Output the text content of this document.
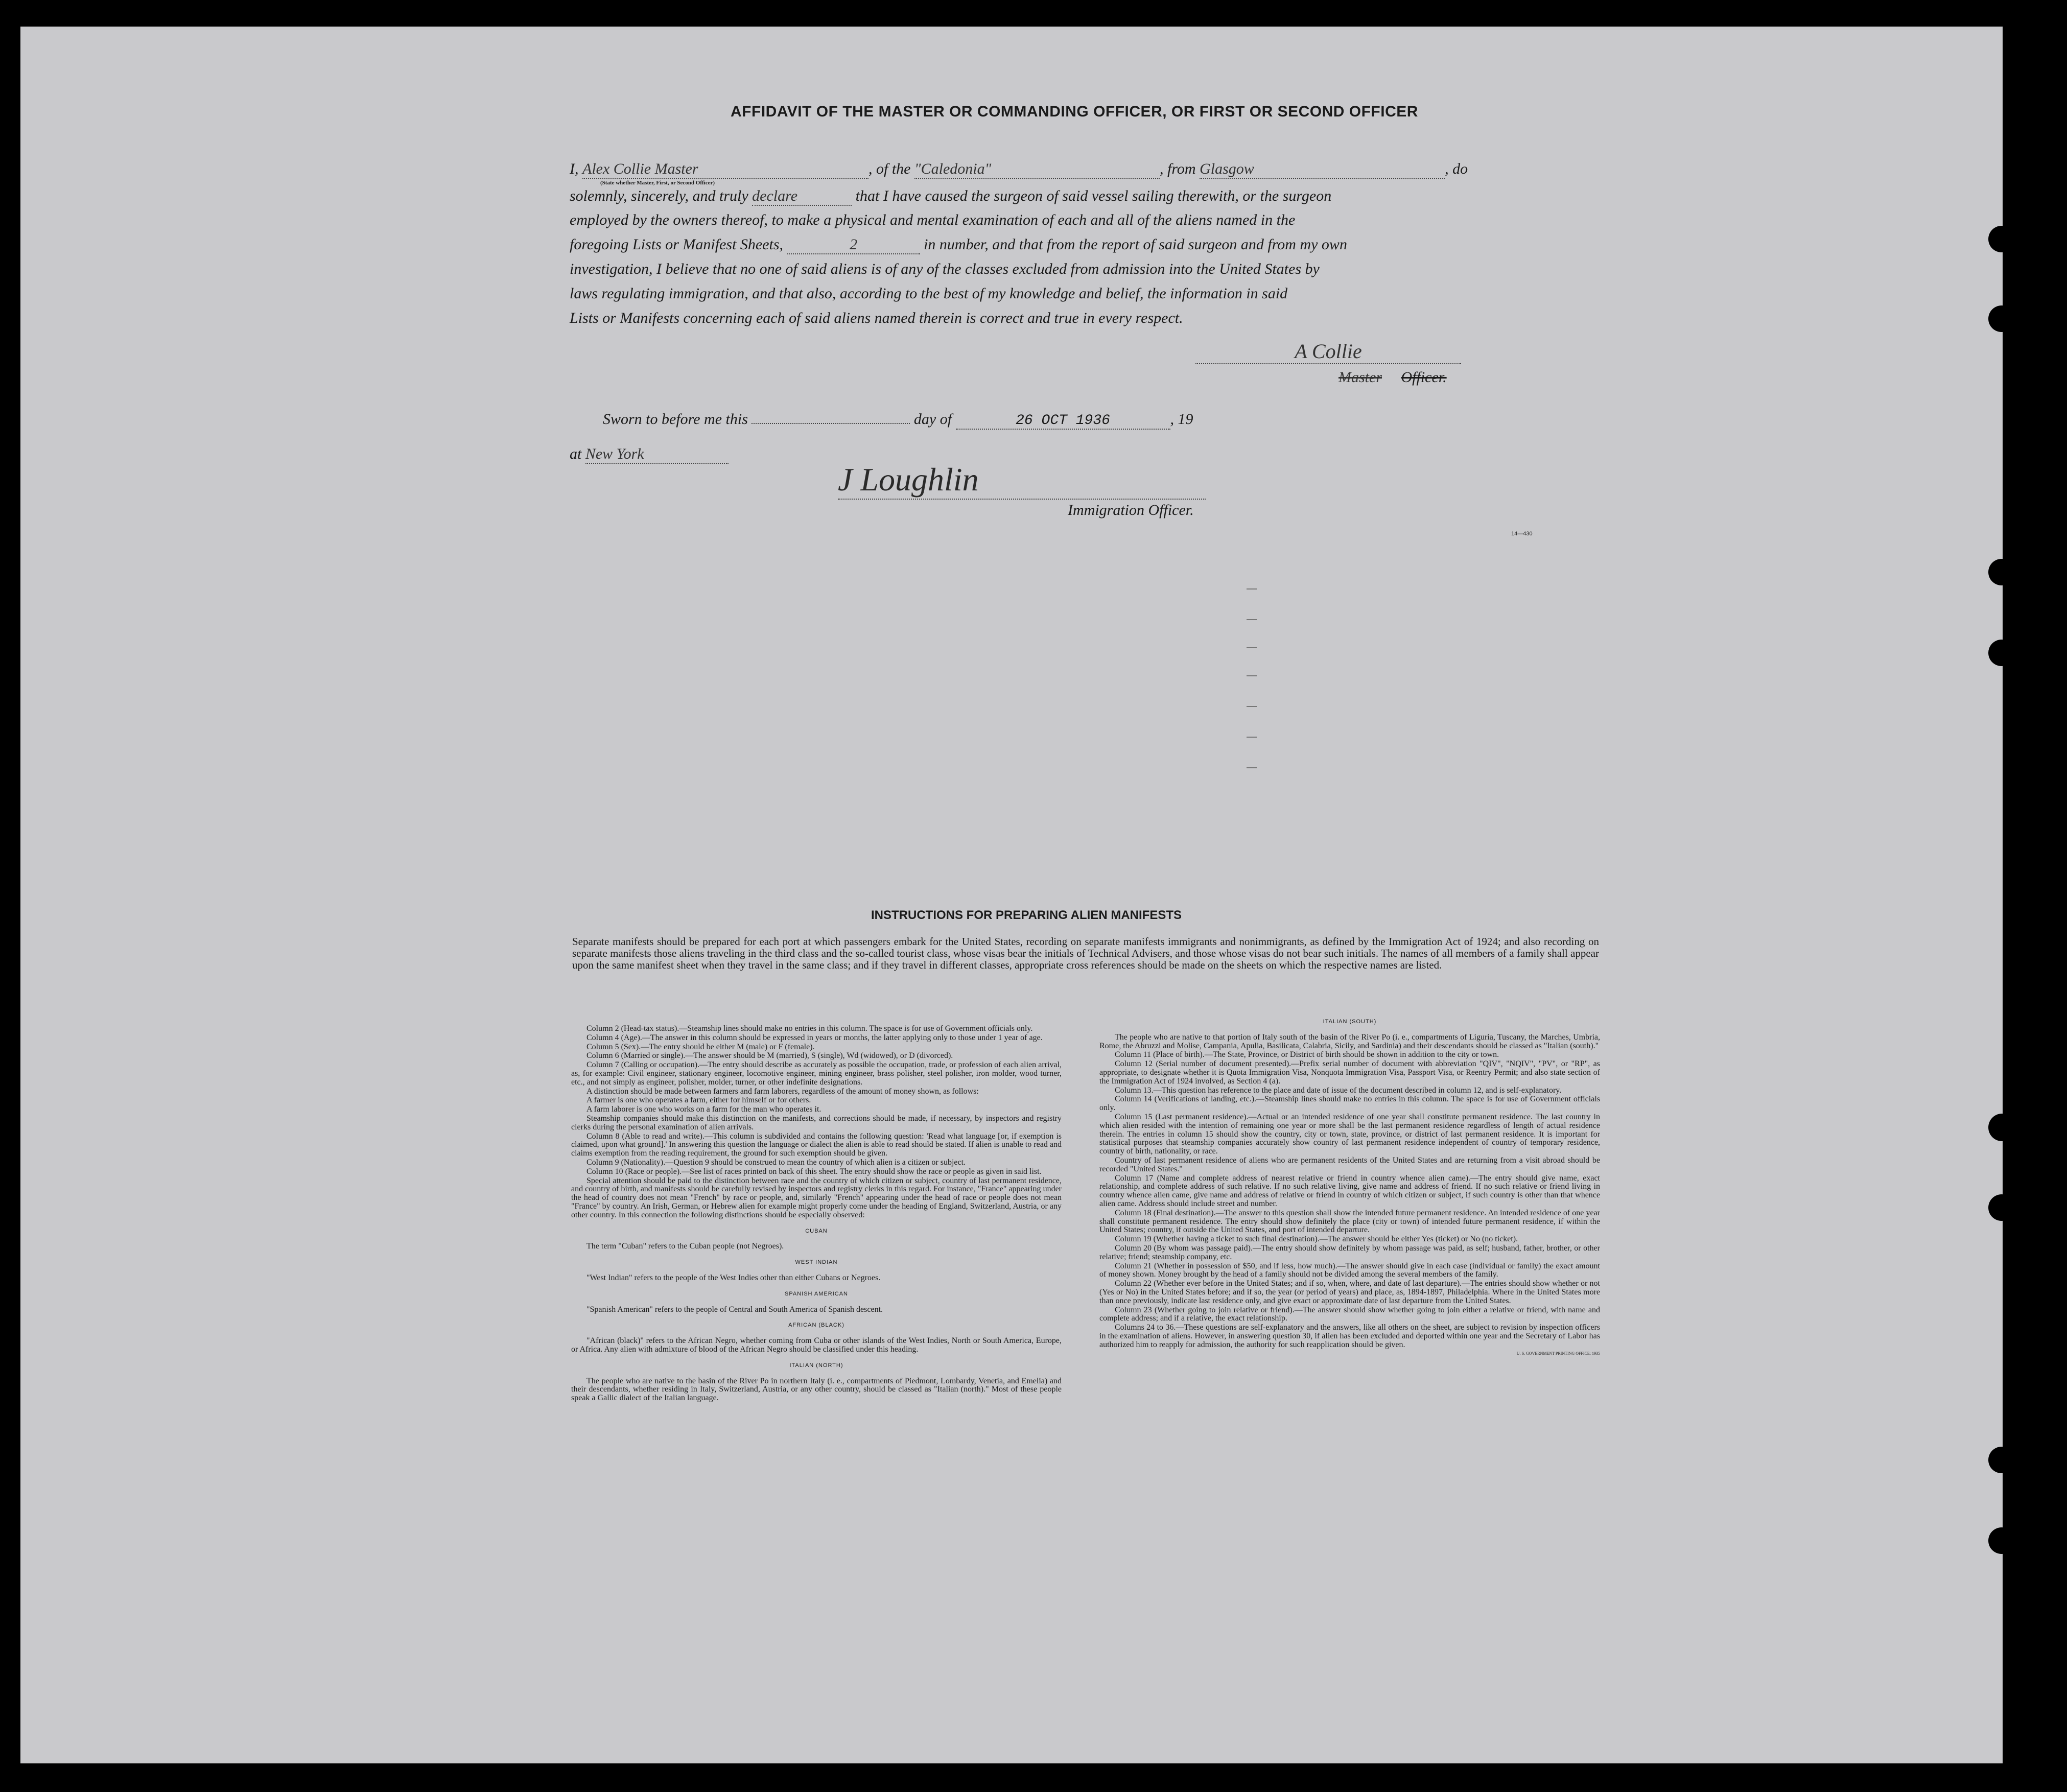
AFFIDAVIT OF THE MASTER OR COMMANDING OFFICER, OR FIRST OR SECOND OFFICER
I, Alex Collie Master	, of the "Caledonia"	, from Glasgow	, do
(State whether Master, First, or Second Officer)
solemnly, sincerely, and truly declare	that I have caused the surgeon of said vessel sailing therewith, or the surgeon
employed by the owners thereof, to make a physical and mental examination of each and all of the aliens named in the
foregoing Lists or Manifest Sheets,	2	in number, and that from the report of said surgeon and from my own
investigation, I believe that no one of said aliens is of any of the classes excluded from admission into the United States by
laws regulating immigration, and that also, according to the best of my knowledge and belief, the information in said
Lists or Manifests concerning each of said aliens named therein is correct and true in every respect.
A Collie
Master Officer.
Sworn to before me this	day of	26 OCT 1936	, 19
at New York
J Loughlin
Immigration Officer.
14—430
INSTRUCTIONS FOR PREPARING ALIEN MANIFESTS
Separate manifests should be prepared for each port at which passengers embark for the United States, recording on separate manifests immigrants and nonimmigrants, as defined by the Immigration Act of 1924; and also recording on separate manifests those aliens traveling in the third class and the so-called tourist class, whose visas bear the initials of Technical Advisers, and those whose visas do not bear such initials. The names of all members of a family shall appear upon the same manifest sheet when they travel in the same class; and if they travel in different classes, appropriate cross references should be made on the sheets on which the respective names are listed.

Column 2 (Head-tax status).—Steamship lines should make no entries in this column. The space is for use of Government officials only.

Column 4 (Age).—The answer in this column should be expressed in years or months, the latter applying only to those under 1 year of age.

Column 5 (Sex).—The entry should be either M (male) or F (female).

Column 6 (Married or single).—The answer should be M (married), S (single), Wd (widowed), or D (divorced).

Column 7 (Calling or occupation).—The entry should describe as accurately as possible the occupation, trade, or profession of each alien arrival, as, for example: Civil engineer, stationary engineer, locomotive engineer, mining engineer, brass polisher, steel polisher, iron molder, wood turner, etc., and not simply as engineer, polisher, molder, turner, or other indefinite designations.

A distinction should be made between farmers and farm laborers, regardless of the amount of money shown, as follows:

A farmer is one who operates a farm, either for himself or for others.

A farm laborer is one who works on a farm for the man who operates it.

Steamship companies should make this distinction on the manifests, and corrections should be made, if necessary, by inspectors and registry clerks during the personal examination of alien arrivals.

Column 8 (Able to read and write).—This column is subdivided and contains the following question: 'Read what language [or, if exemption is claimed, upon what ground].' In answering this question the language or dialect the alien is able to read should be stated. If alien is unable to read and claims exemption from the reading requirement, the ground for such exemption should be given.

Column 9 (Nationality).—Question 9 should be construed to mean the country of which alien is a citizen or subject.

Column 10 (Race or people).—See list of races printed on back of this sheet. The entry should show the race or people as given in said list.

Special attention should be paid to the distinction between race and the country of which citizen or subject, country of last permanent residence, and country of birth, and manifests should be carefully revised by inspectors and registry clerks in this regard. For instance, "France" appearing under the head of country does not mean "French" by race or people, and, similarly "French" appearing under the head of race or people does not mean "France" by country. An Irish, German, or Hebrew alien for example might properly come under the heading of England, Switzerland, Austria, or any other country. In this connection the following distinctions should be especially observed:

CUBAN

The term "Cuban" refers to the Cuban people (not Negroes).

WEST INDIAN

"West Indian" refers to the people of the West Indies other than either Cubans or Negroes.

SPANISH AMERICAN

"Spanish American" refers to the people of Central and South America of Spanish descent.

AFRICAN (BLACK)

"African (black)" refers to the African Negro, whether coming from Cuba or other islands of the West Indies, North or South America, Europe, or Africa. Any alien with admixture of blood of the African Negro should be classified under this heading.

ITALIAN (NORTH)

The people who are native to the basin of the River Po in northern Italy (i. e., compartments of Piedmont, Lombardy, Venetia, and Emelia) and their descendants, whether residing in Italy, Switzerland, Austria, or any other country, should be classed as "Italian (north)." Most of these people speak a Gallic dialect of the Italian language.

ITALIAN (SOUTH)

The people who are native to that portion of Italy south of the basin of the River Po (i. e., compartments of Liguria, Tuscany, the Marches, Umbria, Rome, the Abruzzi and Molise, Campania, Apulia, Basilicata, Calabria, Sicily, and Sardinia) and their descendants should be classed as "Italian (south)."

Column 11 (Place of birth).—The State, Province, or District of birth should be shown in addition to the city or town.

Column 12 (Serial number of document presented).—Prefix serial number of document with abbreviation "QIV", "NQIV", "PV", or "RP", as appropriate, to designate whether it is Quota Immigration Visa, Nonquota Immigration Visa, Passport Visa, or Reentry Permit; and also state section of the Immigration Act of 1924 involved, as Section 4 (a).

Column 13.—This question has reference to the place and date of issue of the document described in column 12, and is self-explanatory.

Column 14 (Verifications of landing, etc.).—Steamship lines should make no entries in this column. The space is for use of Government officials only.

Column 15 (Last permanent residence).—Actual or an intended residence of one year shall constitute permanent residence. The last country in which alien resided with the intention of remaining one year or more shall be the last permanent residence regardless of length of actual residence therein. The entries in column 15 should show the country, city or town, state, province, or district of last permanent residence. It is important for statistical purposes that steamship companies accurately show country of last permanent residence independent of country of temporary residence, country of birth, nationality, or race.

Country of last permanent residence of aliens who are permanent residents of the United States and are returning from a visit abroad should be recorded "United States."

Column 17 (Name and complete address of nearest relative or friend in country whence alien came).—The entry should give name, exact relationship, and complete address of such relative. If no such relative living, give name and address of friend. If no such relative or friend living in country whence alien came, give name and address of relative or friend in country of which citizen or subject, if such country is other than that whence alien came. Address should include street and number.

Column 18 (Final destination).—The answer to this question shall show the intended future permanent residence. An intended residence of one year shall constitute permanent residence. The entry should show definitely the place (city or town) of intended future permanent residence, if within the United States; country, if outside the United States, and port of intended departure.

Column 19 (Whether having a ticket to such final destination).—The answer should be either Yes (ticket) or No (no ticket).

Column 20 (By whom was passage paid).—The entry should show definitely by whom passage was paid, as self; husband, father, brother, or other relative; friend; steamship company, etc.

Column 21 (Whether in possession of $50, and if less, how much).—The answer should give in each case (individual or family) the exact amount of money shown. Money brought by the head of a family should not be divided among the several members of the family.

Column 22 (Whether ever before in the United States; and if so, when, where, and date of last departure).—The entries should show whether or not (Yes or No) in the United States before; and if so, the year (or period of years) and place, as, 1894-1897, Philadelphia. Where in the United States more than once previously, indicate last residence only, and give exact or approximate date of last departure from the United States.

Column 23 (Whether going to join relative or friend).—The answer should show whether going to join either a relative or friend, with name and complete address; and if a relative, the exact relationship.

Columns 24 to 36.—These questions are self-explanatory and the answers, like all others on the sheet, are subject to revision by inspection officers in the examination of aliens. However, in answering question 30, if alien has been excluded and deported within one year and the Secretary of Labor has authorized him to reapply for admission, the authority for such reapplication should be given.

U. S. GOVERNMENT PRINTING OFFICE: 1935
